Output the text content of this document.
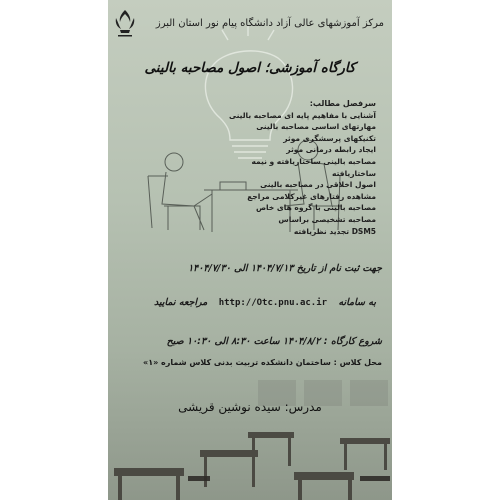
مرکز آموزشهای عالی آزاد دانشگاه پیام نور استان البرز
کارگاه آموزشی؛ اصول مصاحبه بالینی
سرفصل مطالب:
آشنایی با مفاهیم پایه ای مصاحبه بالینی
مهارتهای اساسی مصاحبه بالینی
تکنیکهای پرسشگری موثر
ایجاد رابطه درمانی موثر
مصاحبه بالینی ساختاریافته و نیمه
ساختاریافته
اصول اخلاقی در مصاحبه بالینی
مشاهده رفتارهای غیرکلامی مراجع
مصاحبه بالینی با گروه های خاص
مصاحبه تشخیصی براساس
DSM5 تجدید نظریافته
جهت ثبت نام از تاریخ ۱۴۰۴/۷/۱۳ الی ۱۴۰۴/۷/۳۰
به سامانه http://Otc.pnu.ac.ir مراجعه نمایید
شروع کارگاه : ۱۴۰۴/۸/۲ ساعت ۸:۳۰ الی ۱۰:۳۰ صبح
محل کلاس : ساختمان دانشکده تربیت بدنی کلاس شماره «۱»
مدرس: سیده نوشین قریشی
